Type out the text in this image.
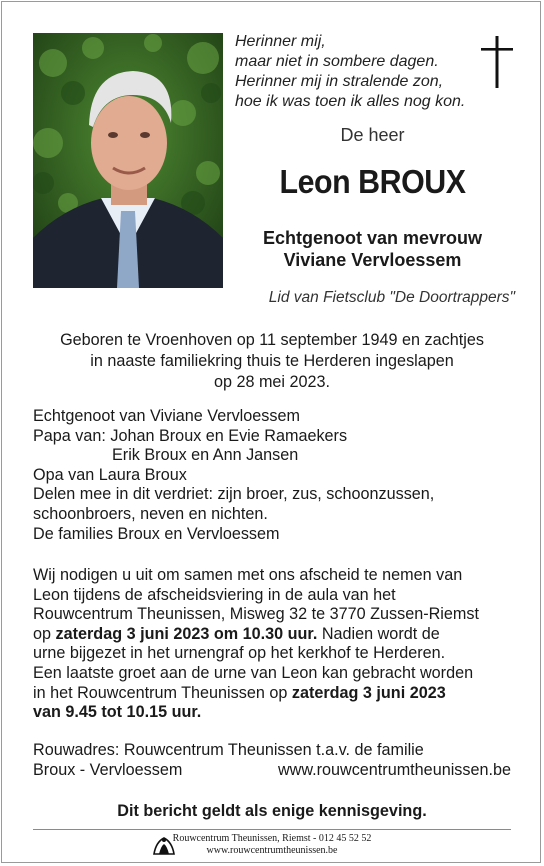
Herinner mij,
maar niet in sombere dagen.
Herinner mij in stralende zon,
hoe ik was toen ik alles nog kon.
De heer
Leon BROUX
Echtgenoot van mevrouw
Viviane Vervloessem
Lid van Fietsclub "De Doortrappers"
Geboren te Vroenhoven op 11 september 1949 en zachtjes
in naaste familiekring thuis te Herderen ingeslapen
op 28 mei 2023.
Echtgenoot van Viviane Vervloessem
Papa van: Johan Broux en Evie Ramaekers
Erik Broux en Ann Jansen
Opa van Laura Broux
Delen mee in dit verdriet: zijn broer, zus, schoonzussen,
schoonbroers, neven en nichten.
De families Broux en Vervloessem
Wij nodigen u uit om samen met ons afscheid te nemen van
Leon tijdens de afscheidsviering in de aula van het
Rouwcentrum Theunissen, Misweg 32 te 3770 Zussen-Riemst
op zaterdag 3 juni 2023 om 10.30 uur. Nadien wordt de
urne bijgezet in het urnengraf op het kerkhof te Herderen.
Een laatste groet aan de urne van Leon kan gebracht worden
in het Rouwcentrum Theunissen op zaterdag 3 juni 2023
van 9.45 tot 10.15 uur.
Rouwadres: Rouwcentrum Theunissen t.a.v. de familie
Broux - Vervloessem	www.rouwcentrumtheunissen.be
Dit bericht geldt als enige kennisgeving.
Rouwcentrum Theunissen, Riemst - 012 45 52 52
www.rouwcentrumtheunissen.be
